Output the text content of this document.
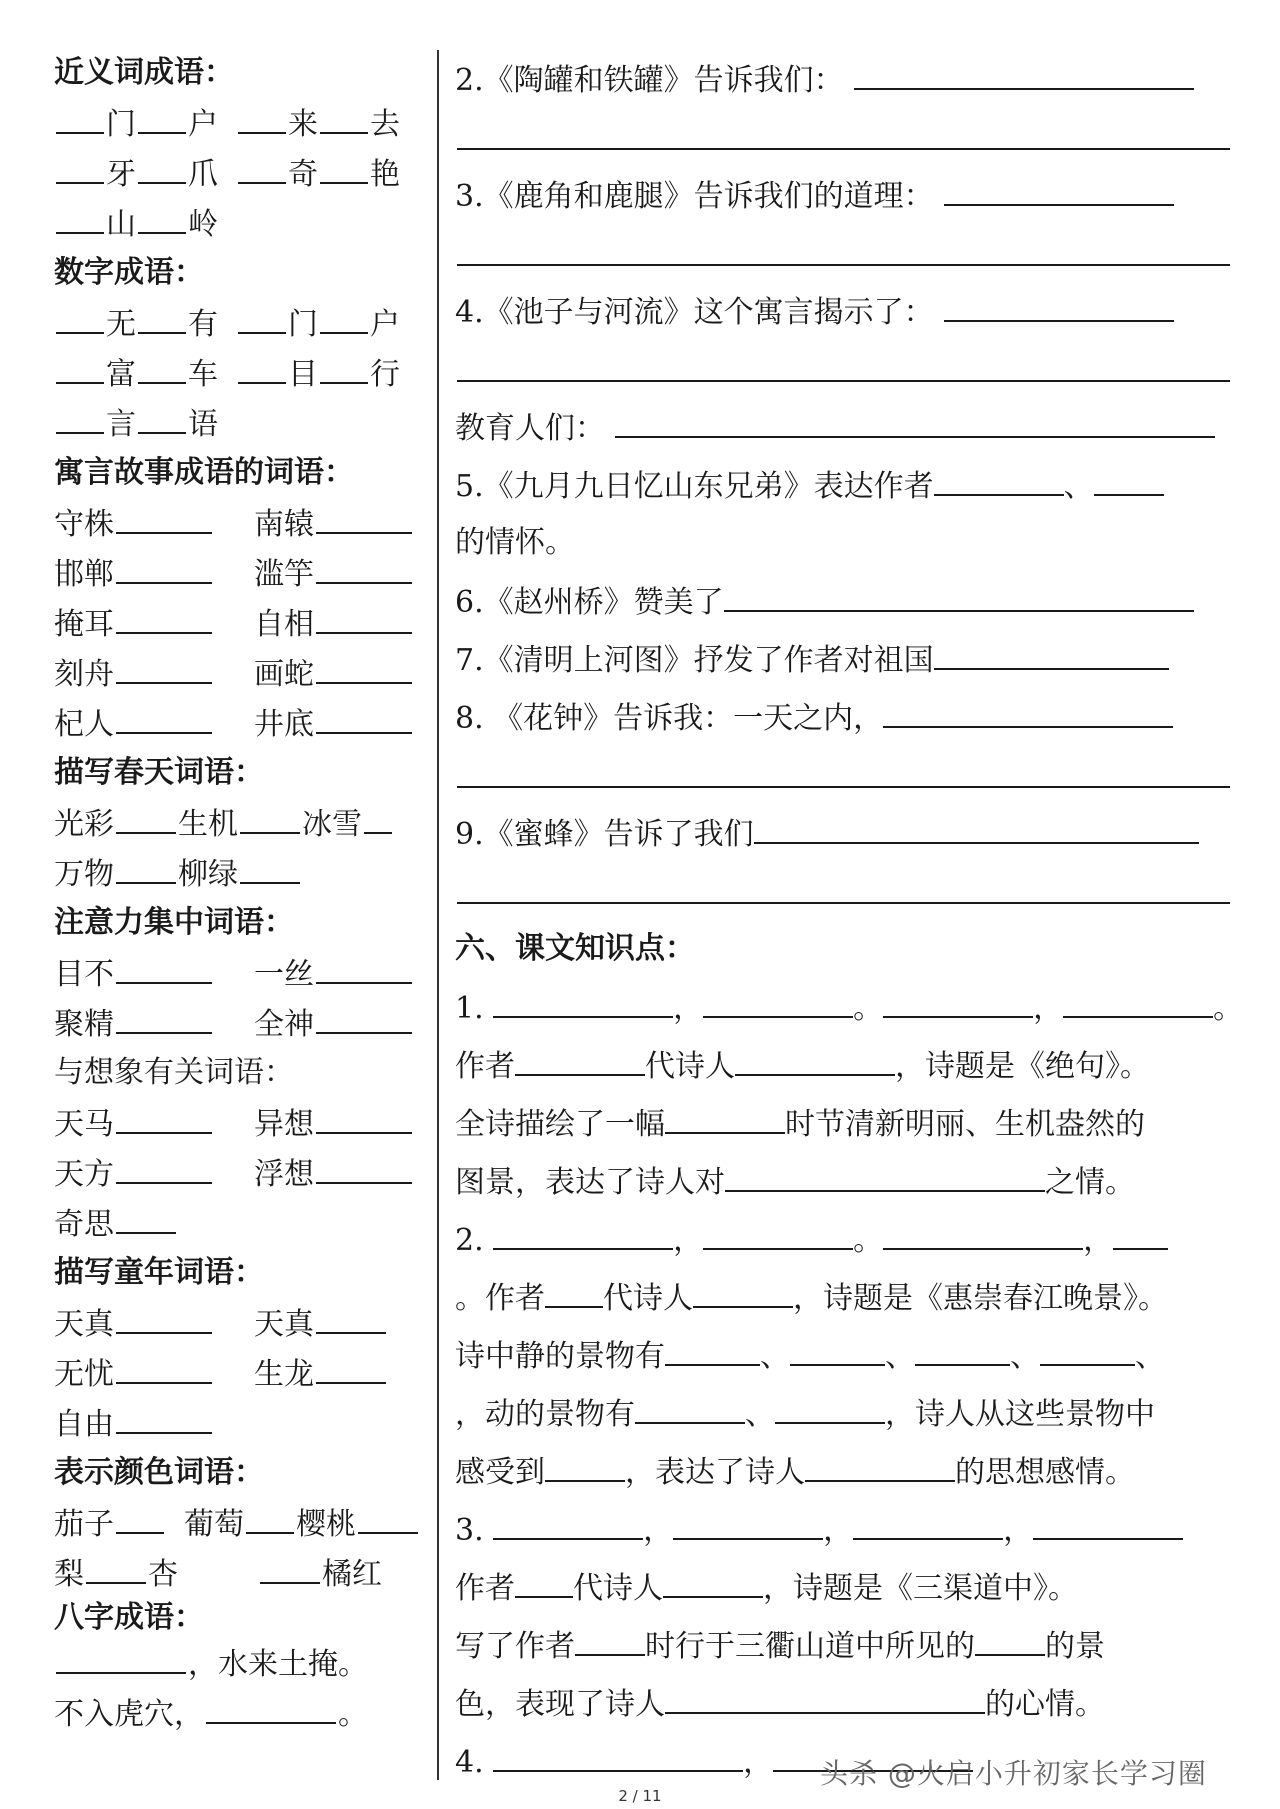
近义词成语：
门 户 来 去
牙 爪 奇 艳
山 岭
数字成语：
无 有 门 户
富 车 目 行
言 语
寓言故事成语的词语：
守株	南辕
邯郸	滥竽
掩耳	自相
刻舟	画蛇
杞人	井底
描写春天词语：
光彩 生机 冰雪
万物 柳绿
注意力集中词语：
目不	一丝
聚精	全神
与想象有关词语：
天马	异想
天方	浮想
奇思
描写童年词语：
天真	天真
无忧	生龙
自由
表示颜色词语：
茄子 葡萄 樱桃
梨 杏	橘红
八字成语：
，水来土掩。
不入虎穴，	。
2.《陶罐和铁罐》告诉我们：
3.《鹿角和鹿腿》告诉我们的道理：
4.《池子与河流》这个寓言揭示了：
教育人们：
5.《九月九日忆山东兄弟》表达作者	、
的情怀。
6.《赵州桥》赞美了
7.《清明上河图》抒发了作者对祖国
8. 《花钟》告诉我：一天之内，
9.《蜜蜂》告诉了我们
六、课文知识点：
1.	，	。	，	。
作者	代诗人	，诗题是《绝句》。
全诗描绘了一幅	时节清新明丽、生机盎然的
图景，表达了诗人对	之情。
2.	，	。	，
。作者 代诗人	，诗题是《惠崇春江晚景》。
诗中静的景物有	、	、	、	、
，动的景物有	、	，诗人从这些景物中
感受到	，表达了诗人	的思想感情。
3.	，	，	，
作者 代诗人	，诗题是《三渠道中》。
写了作者 时行于三衢山道中所见的 的景
色，表现了诗人	的心情。
4.	，	头杀 @火启小升初家长学习圈
2 / 11
